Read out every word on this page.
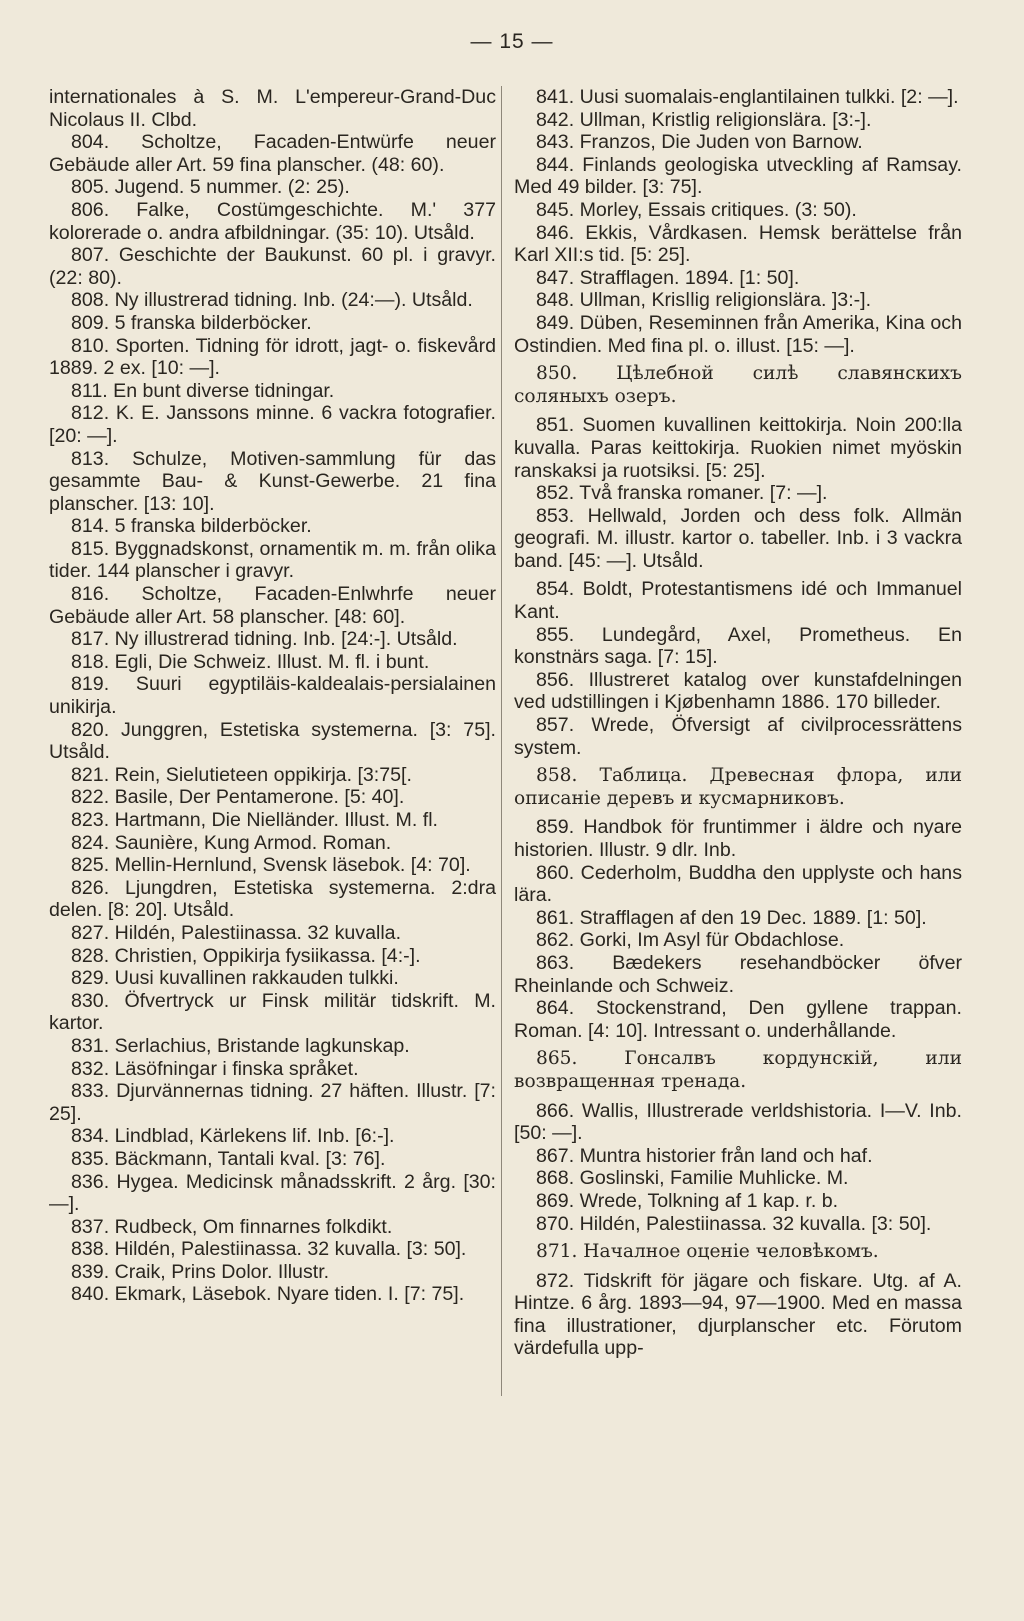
— 15 —

internationales à S. M. L'empereur-Grand-Duc Nicolaus II. Clbd.

804. Scholtze, Facaden-Entwürfe neuer Gebäude aller Art. 59 fina planscher. (48: 60).

805. Jugend. 5 nummer. (2: 25).

806. Falke, Costümgeschichte. M.' 377 kolorerade o. andra afbildningar. (35: 10). Utsåld.

807. Geschichte der Baukunst. 60 pl. i gravyr. (22: 80).

808. Ny illustrerad tidning. Inb. (24:—). Utsåld.

809. 5 franska bilderböcker.

810. Sporten. Tidning för idrott, jagt- o. fiskevård 1889. 2 ex. [10: —].

811. En bunt diverse tidningar.

812. K. E. Janssons minne. 6 vackra fotografier. [20: —].

813. Schulze, Motiven-sammlung für das gesammte Bau- & Kunst-Gewerbe. 21 fina planscher. [13: 10].

814. 5 franska bilderböcker.

815. Byggnadskonst, ornamentik m. m. från olika tider. 144 planscher i gravyr.

816. Scholtze, Facaden-Enlwhrfe neuer Gebäude aller Art. 58 planscher. [48: 60].

817. Ny illustrerad tidning. Inb. [24:-]. Utsåld.

818. Egli, Die Schweiz. Illust. M. fl. i bunt.

819. Suuri egyptiläis-kaldealais-persialainen unikirja.

820. Junggren, Estetiska systemerna. [3: 75]. Utsåld.

821. Rein, Sielutieteen oppikirja. [3:75[.

822. Basile, Der Pentamerone. [5: 40].

823. Hartmann, Die Nielländer. Illust. M. fl.

824. Saunière, Kung Armod. Roman.

825. Mellin-Hernlund, Svensk läsebok. [4: 70].

826. Ljungdren, Estetiska systemerna. 2:dra delen. [8: 20]. Utsåld.

827. Hildén, Palestiinassa. 32 kuvalla.

828. Christien, Oppikirja fysiikassa. [4:-].

829. Uusi kuvallinen rakkauden tulkki.

830. Öfvertryck ur Finsk militär tidskrift. M. kartor.

831. Serlachius, Bristande lagkunskap.

832. Läsöfningar i finska språket.

833. Djurvännernas tidning. 27 häften. Illustr. [7: 25].

834. Lindblad, Kärlekens lif. Inb. [6:-].

835. Bäckmann, Tantali kval. [3: 76].

836. Hygea. Medicinsk månadsskrift. 2 årg. [30: —].

837. Rudbeck, Om finnarnes folkdikt.

838. Hildén, Palestiinassa. 32 kuvalla. [3: 50].

839. Craik, Prins Dolor. Illustr.

840. Ekmark, Läsebok. Nyare tiden. I. [7: 75].

841. Uusi suomalais-englantilainen tulkki. [2: —].

842. Ullman, Kristlig religionslära. [3:-].

843. Franzos, Die Juden von Barnow.

844. Finlands geologiska utveckling af Ramsay. Med 49 bilder. [3: 75].

845. Morley, Essais critiques. (3: 50).

846. Ekkis, Vårdkasen. Hemsk berättelse från Karl XII:s tid. [5: 25].

847. Strafflagen. 1894. [1: 50].

848. Ullman, Krisǀlig religionslära. ]3:-].

849. Düben, Reseminnen från Amerika, Kina och Ostindien. Med fina pl. o. illust. [15: —].

850. Цѣлебной силѣ славянскихъ соляныхъ озеръ.

851. Suomen kuvallinen keittokirja. Noin 200:lla kuvalla. Paras keittokirja. Ruokien nimet myöskin ranskaksi ja ruotsiksi. [5: 25].

852. Två franska romaner. [7: —].

853. Hellwald, Jorden och dess folk. Allmän geografi. M. illustr. kartor o. tabeller. Inb. i 3 vackra band. [45: —]. Utsåld.

854. Boldt, Protestantismens idé och Immanuel Kant.

855. Lundegård, Axel, Prometheus. En konstnärs saga. [7: 15].

856. Illustreret katalog over kunstafdelningen ved udstillingen i Kjøbenhamn 1886. 170 billeder.

857. Wrede, Öfversigt af civilprocessrättens system.

858. Таблица. Древесная флора, или описаніе деревъ и кусмарниковъ.

859. Handbok för fruntimmer i äldre och nyare historien. Illustr. 9 dlr. Inb.

860. Cederholm, Buddha den upplyste och hans lära.

861. Strafflagen af den 19 Dec. 1889. [1: 50].

862. Gorki, Im Asyl für Obdachlose.

863. Bædekers resehandböcker öfver Rheinlande och Schweiz.

864. Stockenstrand, Den gyllene trappan. Roman. [4: 10]. Intressant o. underhållande.

865. Гонсалвъ кордунскій, или возвращенная тренада.

866. Wallis, Illustrerade verldshistoria. I—V. Inb. [50: —].

867. Muntra historier från land och haf.

868. Goslinski, Familie Muhlicke. M.

869. Wrede, Tolkning af 1 kap. r. b.

870. Hildén, Palestiinassa. 32 kuvalla. [3: 50].

871. Началное оценіе человѣкомъ.

872. Tidskrift för jägare och fiskare. Utg. af A. Hintze. 6 årg. 1893—94, 97—1900. Med en massa fina illustrationer, djurplanscher etc. Förutom värdefulla upp-
